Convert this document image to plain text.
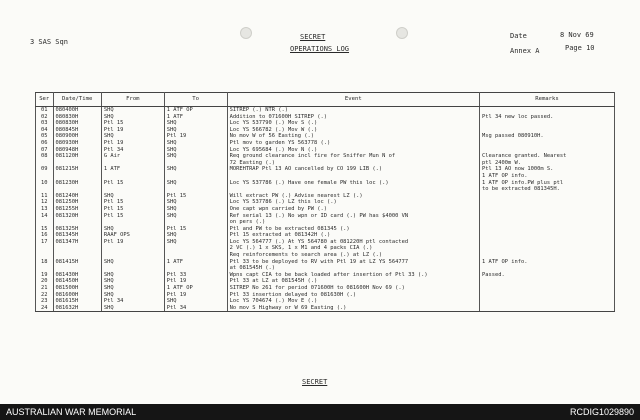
3 SAS Sqn
SECRET
OPERATIONS LOG
Date	8 Nov 69
Page 10
Annex A
Ser	Date/Time	From	To	Event	Remarks
01	080400H	SHQ	1 ATF OP	SITREP (.) NTR (.)	
02	080830H	SHQ	1 ATF	Addition to 071600H SITREP (.)	Ptl 34 new loc passed.
03	080830H	Ptl 15	SHQ	Loc YS 537790 (.) Mov S (.)	
04	080845H	Ptl 19	SHQ	Loc YS 566782 (.) Mov W (.)	
05	080900H	SHQ	Ptl 19	No mov W of 56 Easting (.)	Msg passed 080910H.
06	080930H	Ptl 19	SHQ	Ptl mov to garden YS 563778 (.)	
07	080948H	Ptl 34	SHQ	Loc YS 695684 (.) Mov N (.)	
08	081120H	G Air	SHQ	Req ground clearance incl fire for Sniffer Mun N of
72 Easting (.)	Clearance granted. Nearest
ptl 2400m W.
09	081215H	1 ATF	SHQ	MOREHTRAP Ptl 13 AO cancelled by CO 199 LIB (.)	Ptl 13 AO now 1000m S.
1 ATF OP info.
10	081230H	Ptl 15	SHQ	Loc YS 537786 (.) Have one female PW this loc (.)	1 ATF OP info.PW plus ptl
to be extracted 081345H.
11	081240H	SHQ	Ptl 15	Will extract PW (.) Advise nearest LZ (.)	
12	081250H	Ptl 15	SHQ	Loc YS 537786 (.) LZ this loc (.)	
13	081255H	Ptl 15	SHQ	One capt wpn carried by PW (.)	
14	081320H	Ptl 15	SHQ	Ref serial 13 (.) No wpn or ID card (.) PW has $4000 VN
on pers (.)	
15	081325H	SHQ	Ptl 15	Ptl and PW to be extracted 081345 (.)	
16	081345H	RAAF OPS	SHQ	Ptl 15 extracted at 081342H (.)	
17	081347H	Ptl 19	SHQ	Loc YS 564777 (.) At YS 564780 at 081220H ptl contacted
2 VC (.) 1 x SKS, 1 x M1 and 4 packs CIA (.)
Req reinforcements to search area (.) at LZ (.)	
18	081415H	SHQ	1 ATF	Ptl 33 to be deployed to RV with Ptl 19 at LZ YS 564777
at 081545H (.)	1 ATF OP info.
19	081430H	SHQ	Ptl 33	Wpns capt CIA to be back loaded after insertion of Ptl 33 (.)	Passed.
20	081450H	SHQ	Ptl 19	Ptl 33 at LZ at 081545H (.)	
21	081500H	SHQ	1 ATF OP	SITREP No 261 for period 071600H to 081600H Nov 69 (.)	
22	081600H	SHQ	Ptl 19	Ptl 33 insertion delayed to 081630H (.)	
23	081615H	Ptl 34	SHQ	Loc YS 704674 (.) Mov E (.)	
24	081632H	SHQ	Ptl 34	No mov S Highway or W 69 Easting (.)	
SECRET
AUSTRALIAN WAR MEMORIAL	RCDIG1029890
